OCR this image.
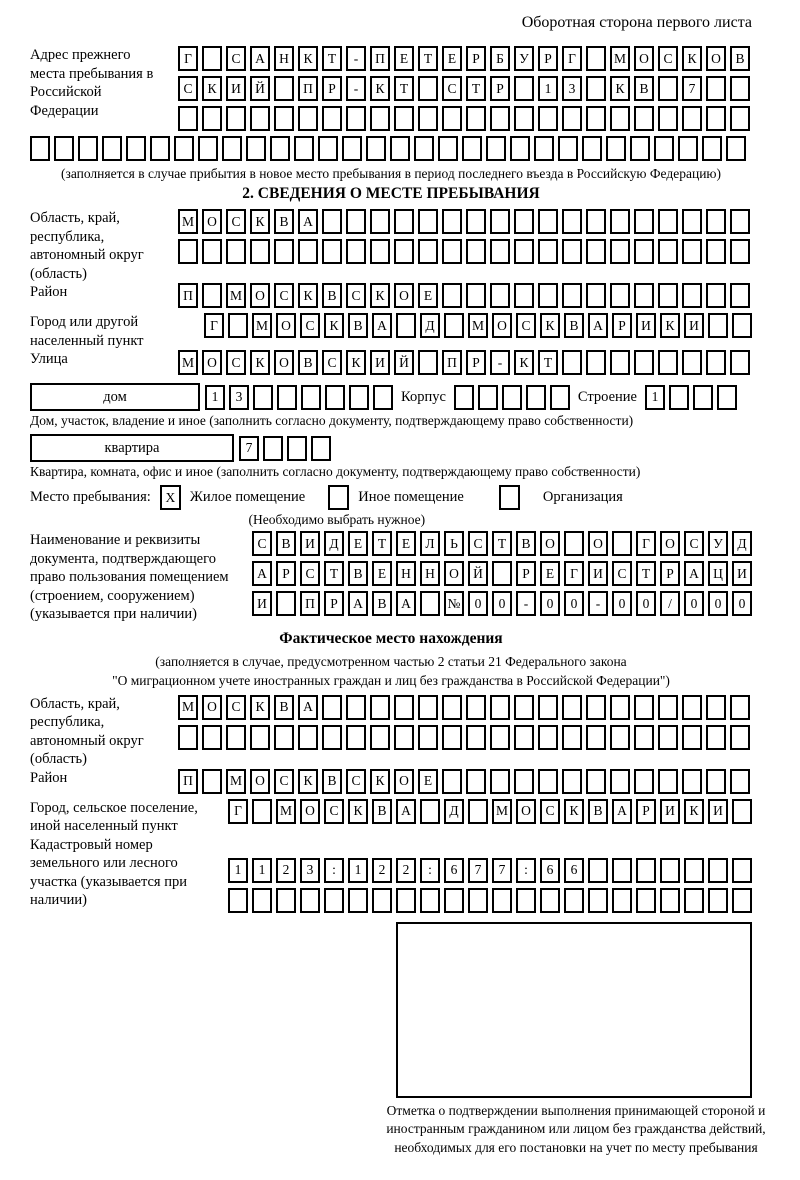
Оборотная сторона первого листа
Адрес прежнего места пребывания в Российской Федерации
Г	С	А	Н	К	Т	-	П	Е	Т	Е	Р	Б	У	Р	Г	М О	С	К	О	В
С	К	И	Й	П	Р	-	К	Т	С	Т	Р	1	3	К	В	7
(заполняется в случае прибытия в новое место пребывания в период последнего въезда в Российскую Федерацию)
2. СВЕДЕНИЯ О МЕСТЕ ПРЕБЫВАНИЯ
Область, край, республика, автономный округ (область)
М О	С	К	В	А
Район	П	М О	С	К	В	С	К	О	Е
Город или другой населенный пункт
Г	М О	С	К	В	А	Д	М О	С	К	В	А	Р	И	К	И
Улица	М О	С	К	О	В	С	К	И	Й	П	Р	-	К	Т
дом	1	3	Корпус	Строение	1
Дом, участок, владение и иное (заполнить согласно документу, подтверждающему право собственности)
квартира	7
Квартира, комната, офис и иное (заполнить согласно документу, подтверждающему право собственности)
Место пребывания:	X	Жилое помещение	Иное помещение	Организация
(Необходимо выбрать нужное)
Наименование и реквизиты документа, подтверждающего право пользования помещением (строением, сооружением) (указывается при наличии)
С	В	И	Д	Е	Т	Е	Л	Ь	С	Т	В	О	О	Г	О	С	У	Д
А	Р	С	Т	В	Е	Н	Н	О	Й	Р	Е	Г	И	С	Т	Р	А	Ц	И
И	П	Р	А	В	А	№	0	0	-	0	0	-	0	0	/	0	0	0
Фактическое место нахождения
(заполняется в случае, предусмотренном частью 2 статьи 21 Федерального закона
"О миграционном учете иностранных граждан и лиц без гражданства в Российской Федерации")
Область, край, республика, автономный округ (область)
М О	С	К	В	А
Район	П	М О	С	К	В	С	К	О	Е
Город, сельское поселение, иной населенный пункт
Г	М О	С	К	В	А	Д	М О	С	К	В	А	Р	И	К	И
Кадастровый номер земельного или лесного участка (указывается при наличии)
1	1	2	3	:	1	2	2	:	6	7	7	:	6	6
Отметка о подтверждении выполнения принимающей стороной и иностранным гражданином или лицом без гражданства действий, необходимых для его постановки на учет по месту пребывания
